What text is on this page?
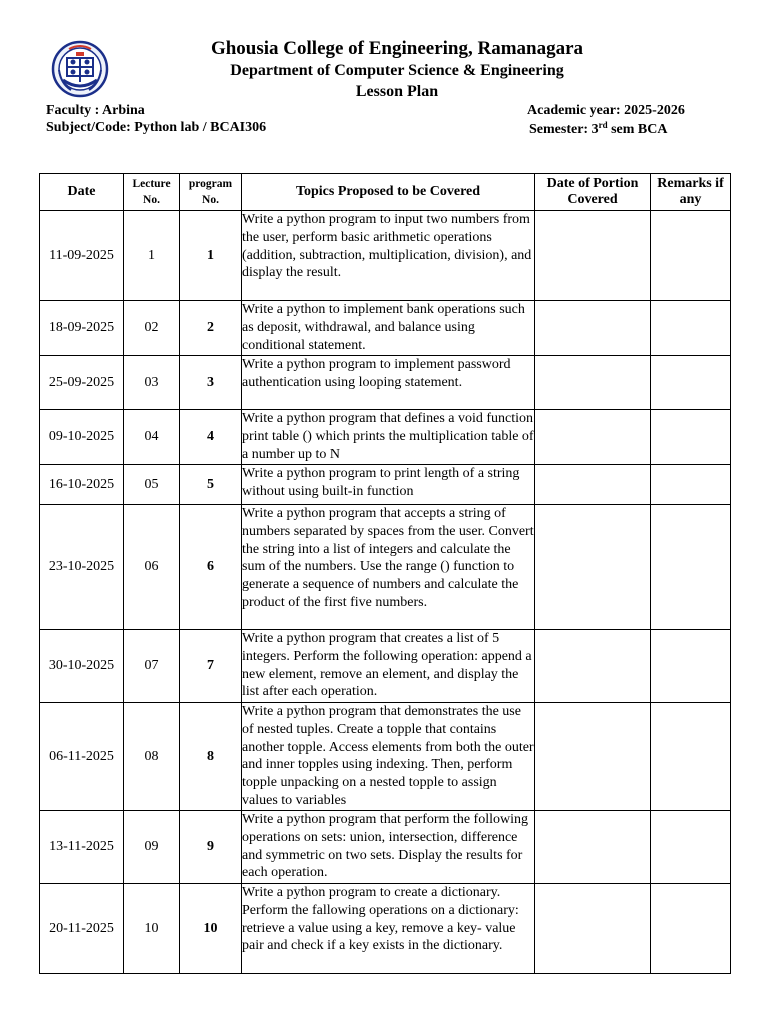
Ghousia College of Engineering, Ramanagara
Department of Computer Science & Engineering
Lesson Plan
Faculty : Arbina
Subject/Code: Python lab / BCAI306
Academic year: 2025-2026
Semester: 3rd sem BCA
Date	Lecture No.	program No.	Topics Proposed to be Covered	Date of Portion Covered	Remarks if any
11-09-2025	1	1	Write a python program to input two numbers from the user, perform basic arithmetic operations (addition, subtraction, multiplication, division), and display the result.		
18-09-2025	02	2	Write a python to implement bank operations such as deposit, withdrawal, and balance using conditional statement.		
25-09-2025	03	3	Write a python program to implement password authentication using looping statement.		
09-10-2025	04	4	Write a python program that defines a void function print table () which prints the multiplication table of a number up to N		
16-10-2025	05	5	Write a python program to print length of a string without using built-in function		
23-10-2025	06	6	Write a python program that accepts a string of numbers separated by spaces from the user. Convert the string into a list of integers and calculate the sum of the numbers. Use the range () function to generate a sequence of numbers and calculate the product of the first five numbers.		
30-10-2025	07	7	Write a python program that creates a list of 5 integers. Perform the following operation: append a new element, remove an element, and display the list after each operation.		
06-11-2025	08	8	Write a python program that demonstrates the use of nested tuples. Create a topple that contains another topple. Access elements from both the outer and inner topples using indexing. Then, perform topple unpacking on a nested topple to assign values to variables		
13-11-2025	09	9	Write a python program that perform the following operations on sets: union, intersection, difference and symmetric on two sets. Display the results for each operation.		
20-11-2025	10	10	Write a python program to create a dictionary. Perform the fallowing operations on a dictionary: retrieve a value using a key, remove a key- value pair and check if a key exists in the dictionary.		
